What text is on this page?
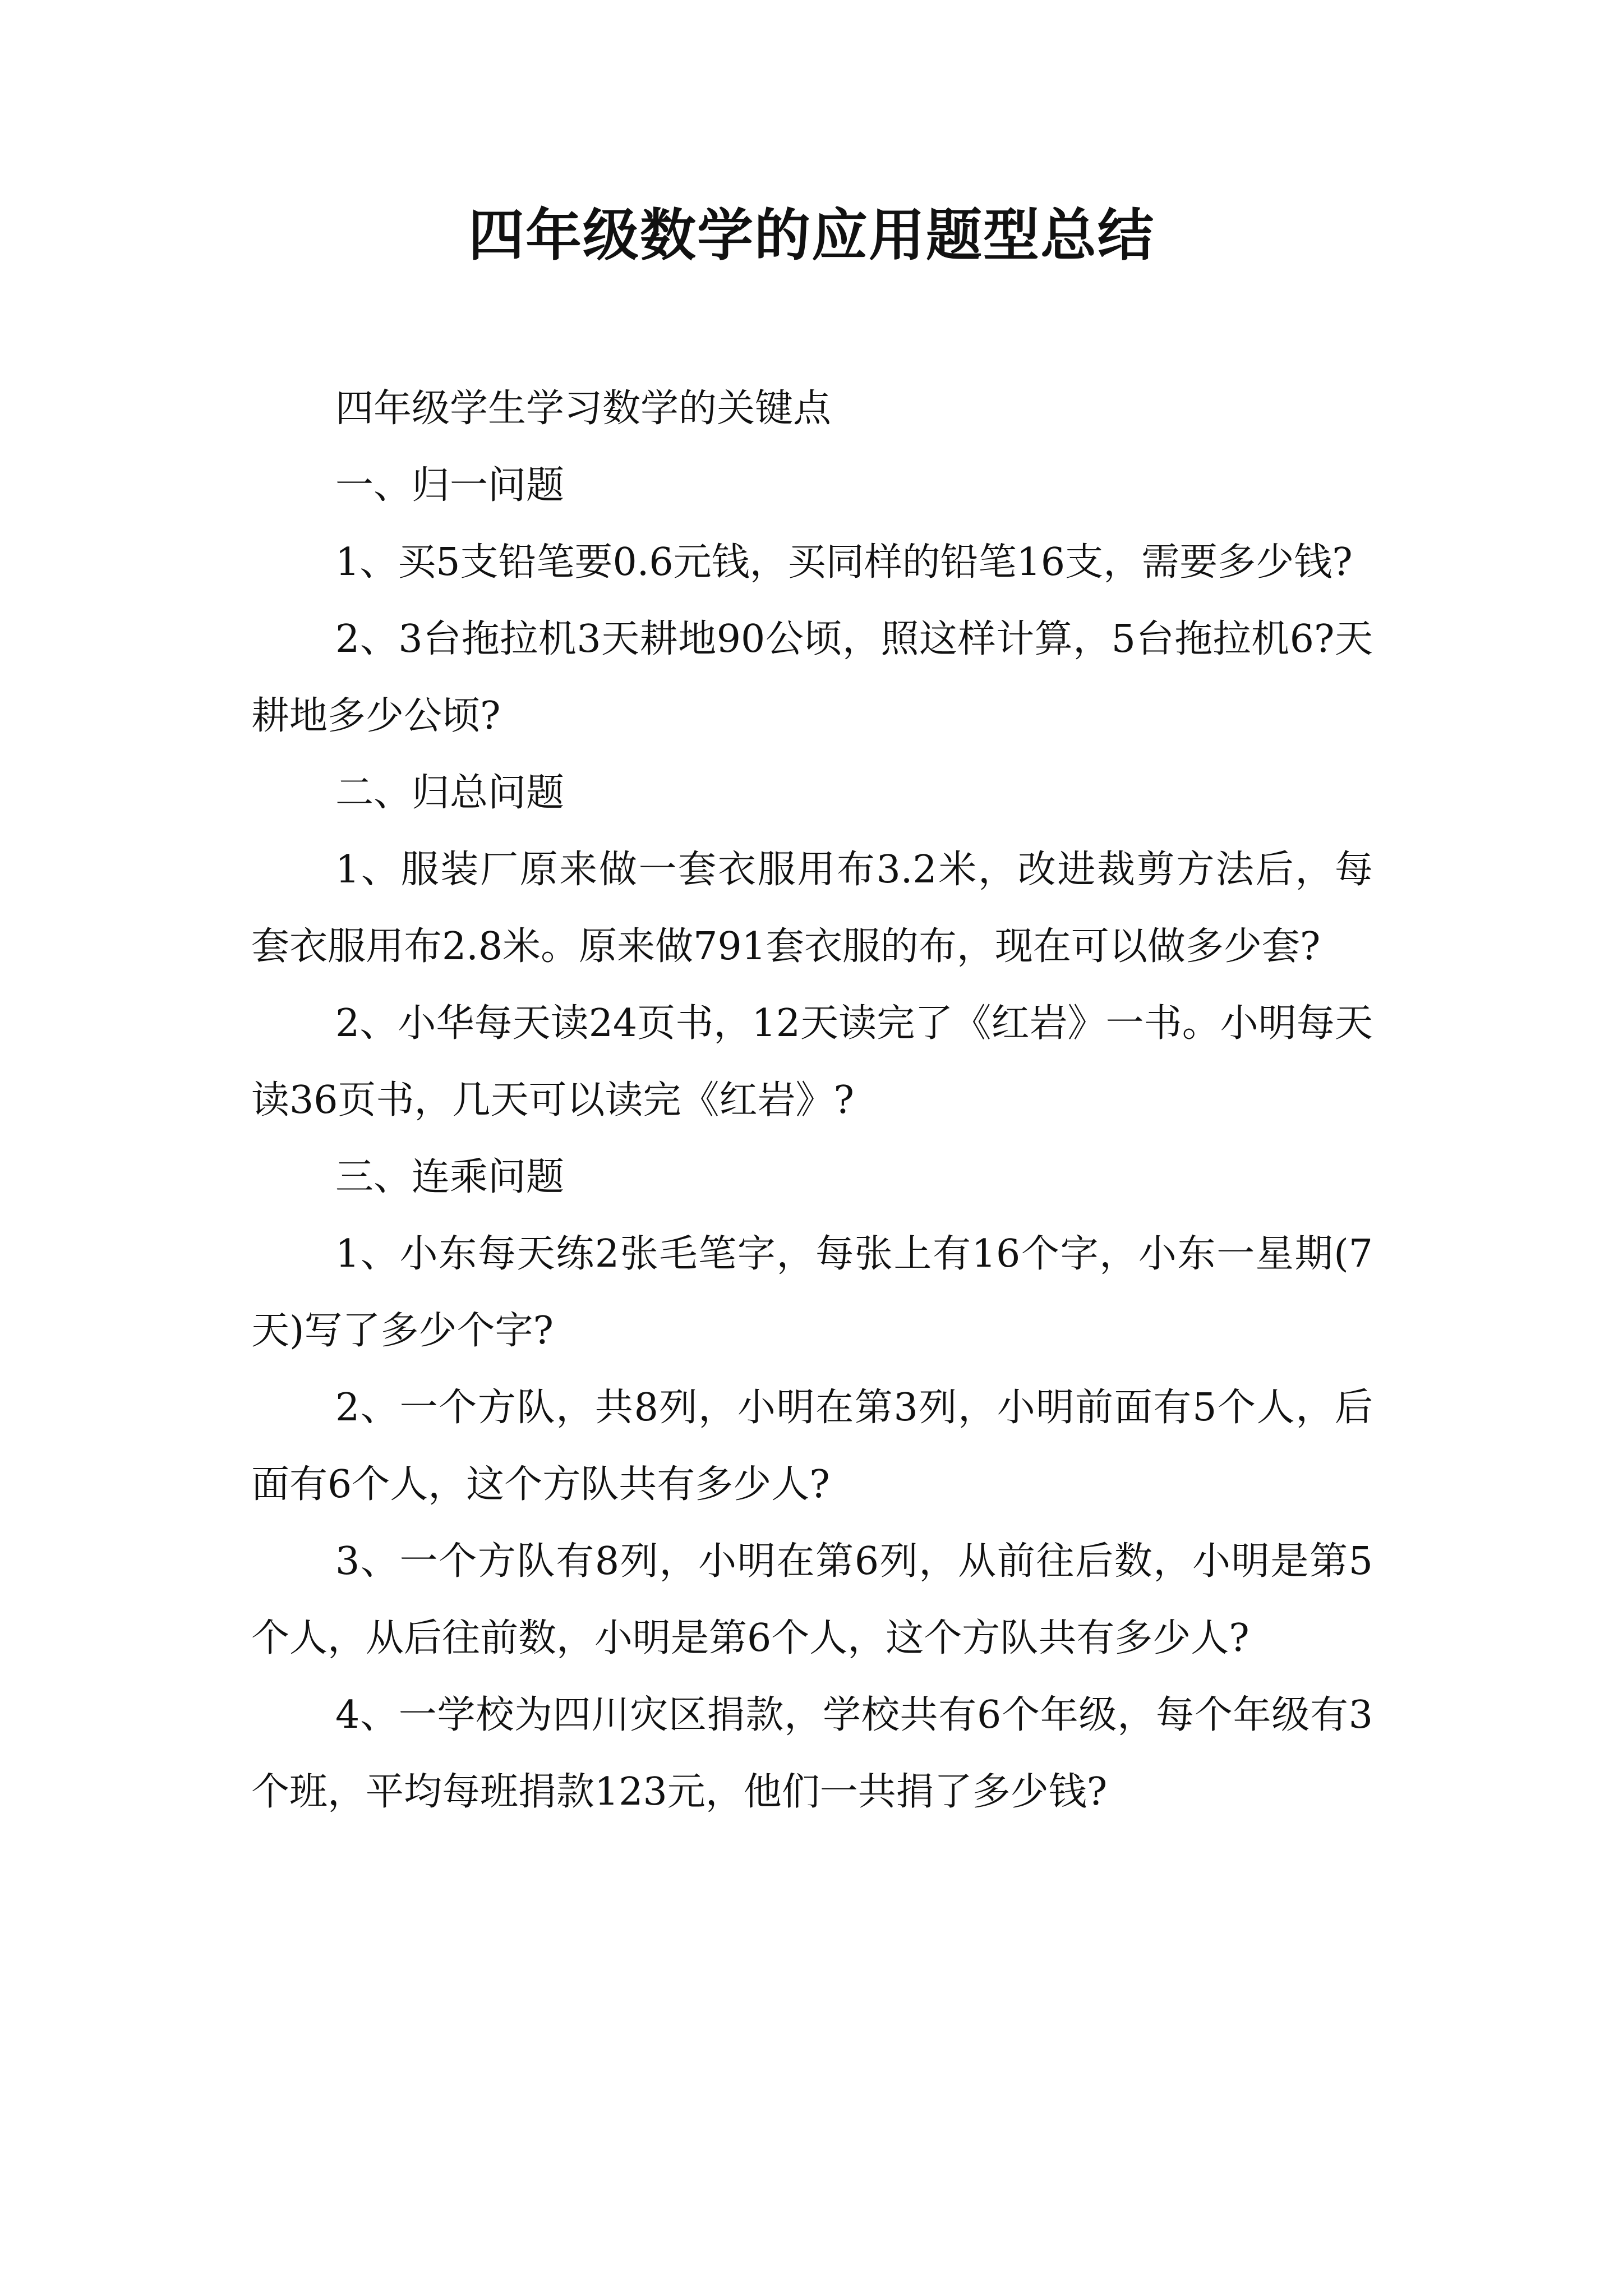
四年级数学的应用题型总结

四年级学生学习数学的关键点

一、归一问题

1、买5支铅笔要0.6元钱，买同样的铅笔16支，需要多少钱?

2、3台拖拉机3天耕地90公顷，照这样计算，5台拖拉机6?天耕地多少公顷?

二、归总问题

1、服装厂原来做一套衣服用布3.2米，改进裁剪方法后，每套衣服用布2.8米。原来做791套衣服的布，现在可以做多少套?

2、小华每天读24页书，12天读完了《红岩》一书。小明每天读36页书，几天可以读完《红岩》?

三、连乘问题

1、小东每天练2张毛笔字，每张上有16个字，小东一星期(7天)写了多少个字?

2、一个方队，共8列，小明在第3列，小明前面有5个人，后面有6个人，这个方队共有多少人?

3、一个方队有8列，小明在第6列，从前往后数，小明是第5个人，从后往前数，小明是第6个人，这个方队共有多少人?

4、一学校为四川灾区捐款，学校共有6个年级，每个年级有3个班，平均每班捐款123元，他们一共捐了多少钱?
